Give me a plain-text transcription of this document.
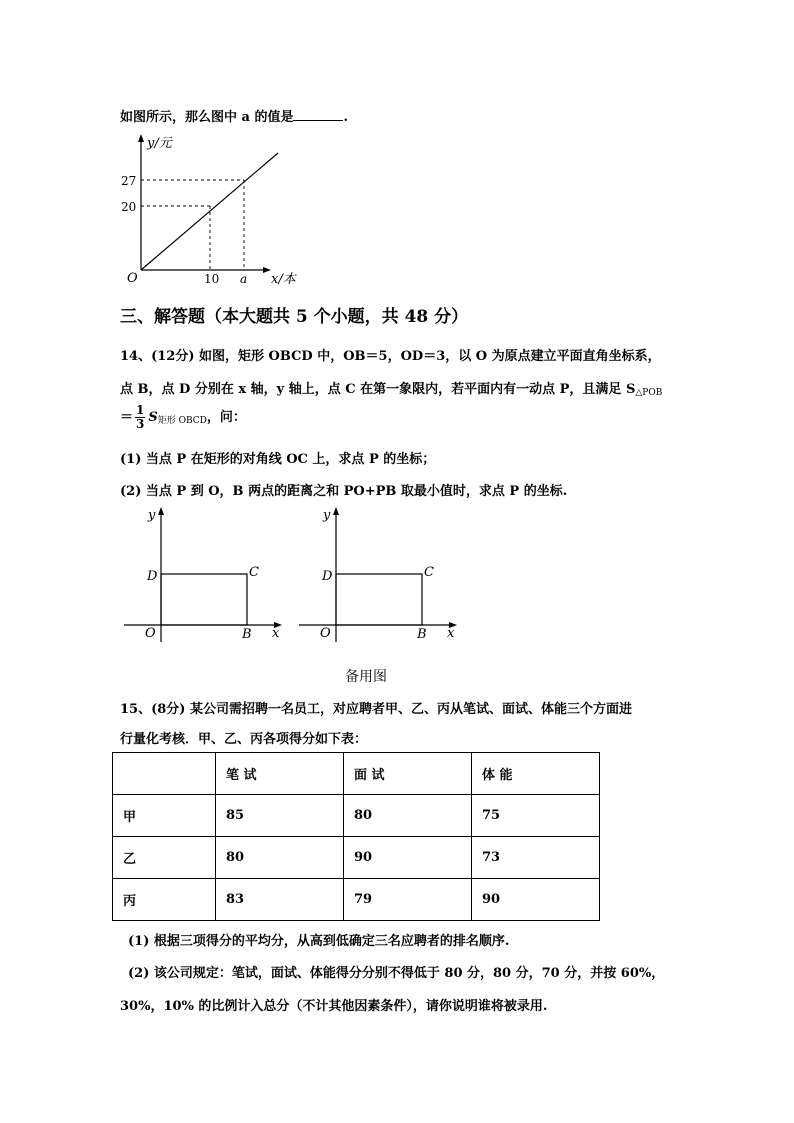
如图所示，那么图中 a 的值是	.
y/元
27
20
O	10 a x/本
三、解答题（本大题共 5 个小题，共 48 分）
14、(12分) 如图，矩形 OBCD 中，OB＝5，OD＝3，以 O 为原点建立平面直角坐标系，
点 B，点 D 分别在 x 轴，y 轴上，点 C 在第一象限内，若平面内有一动点 P，且满足 $S_{\triangle POB}$
＝ $\frac{1}{3} S_{矩形 OBCD}$，问：
(1) 当点 P 在矩形的对角线 OC 上，求点 P 的坐标；
(2) 当点 P 到 O，B 两点的距离之和 PO+PB 取最小值时，求点 P 的坐标.
y
D	C
O	B x
y
D	C
O	B x
备用图
15、(8分) 某公司需招聘一名员工，对应聘者甲、乙、丙从笔试、面试、体能三个方面进
行量化考核．甲、乙、丙各项得分如下表：
	笔 试	面 试	体 能
甲	85	80	75
乙	80	90	73
丙	83	79	90
(1) 根据三项得分的平均分，从高到低确定三名应聘者的排名顺序.
(2) 该公司规定：笔试，面试、体能得分分别不得低于 80 分，80 分，70 分，并按 60%，
30%，10% 的比例计入总分（不计其他因素条件），请你说明谁将被录用.
